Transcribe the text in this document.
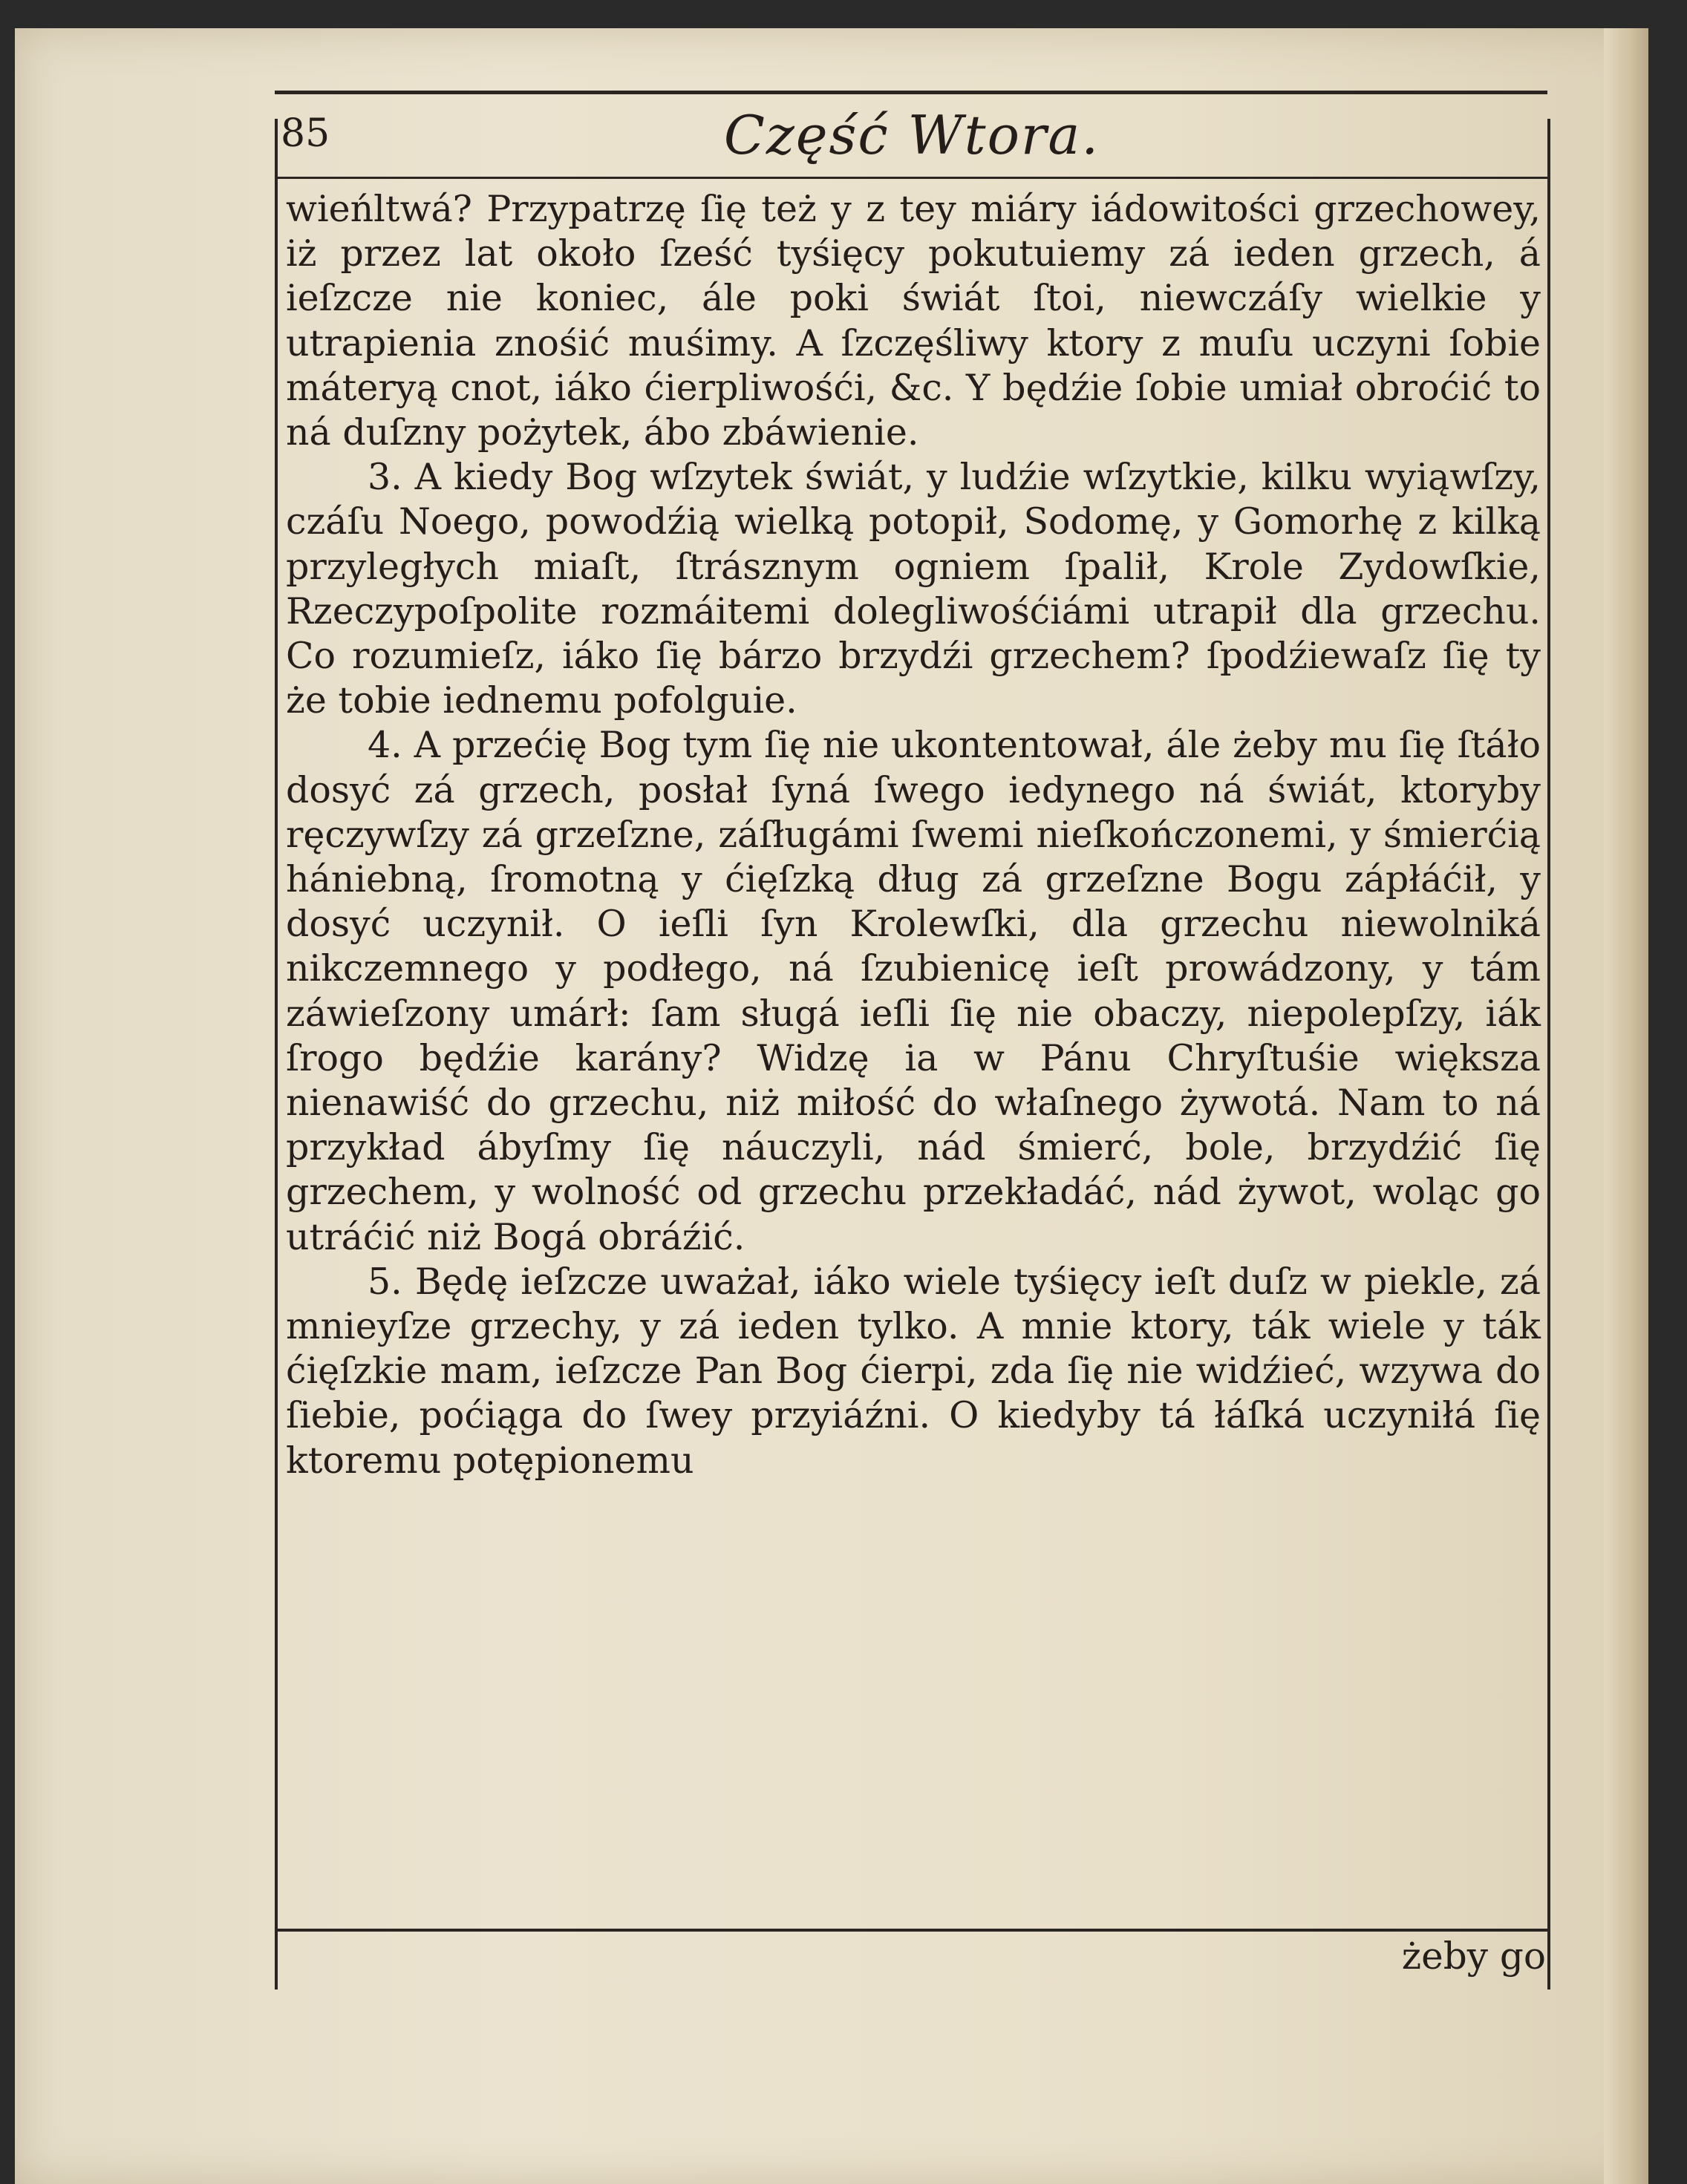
85	Część Wtora.

wieńltwá? Przypatrzę ſię też y z tey miáry iádowitości grzechowey, iż przez lat około ſześć tyśięcy pokutuiemy zá ieden grzech, á ieſzcze nie koniec, ále poki świát ſtoi, niewczáſy wielkie y utrapienia znośić muśimy. A ſzczęśliwy ktory z muſu uczyni ſobie máteryą cnot, iáko ćierpliwośći, &c. Y będźie ſobie umiał obroćić to ná duſzny pożytek, ábo zbáwienie.

3. A kiedy Bog wſzytek świát, y ludźie wſzytkie, kilku wyiąwſzy, czáſu Noego, powodźią wielką potopił, Sodomę, y Gomorhę z kilką przyległych miaſt, ſtrásznym ogniem ſpalił, Krole Zydowſkie, Rzeczypoſpolite rozmáitemi dolegliwośćiámi utrapił dla grzechu. Co rozumieſz, iáko ſię bárzo brzydźi grzechem? ſpodźiewaſz ſię ty że tobie iednemu pofolguie.

4. A przećię Bog tym ſię nie ukontentował, ále żeby mu ſię ſtáło dosyć zá grzech, posłał ſyná ſwego iedynego ná świát, ktoryby ręczywſzy zá grzeſzne, záſługámi ſwemi nieſkończonemi, y śmierćią hániebną, ſromotną y ćięſzką dług zá grzeſzne Bogu zápłáćił, y dosyć uczynił. O ieſli ſyn Krolewſki, dla grzechu niewolniká nikczemnego y podłego, ná ſzubienicę ieſt prowádzony, y tám záwieſzony umárł: ſam sługá ieſli ſię nie obaczy, niepolepſzy, iák ſrogo będźie karány? Widzę ia w Pánu Chryſtuśie większa nienawiść do grzechu, niż miłość do właſnego żywotá. Nam to ná przykład ábyſmy ſię náuczyli, nád śmierć, bole, brzydźić ſię grzechem, y wolność od grzechu przekładáć, nád żywot, woląc go utráćić niż Bogá obráźić.

5. Będę ieſzcze uważał, iáko wiele tyśięcy ieſt duſz w piekle, zá mnieyſze grzechy, y zá ieden tylko. A mnie ktory, ták wiele y ták ćięſzkie mam, ieſzcze Pan Bog ćierpi, zda ſię nie widźieć, wzywa do ſiebie, poćiąga do ſwey przyiáźni. O kiedyby tá łáſká uczyniłá ſię ktoremu potępionemu

żeby go
